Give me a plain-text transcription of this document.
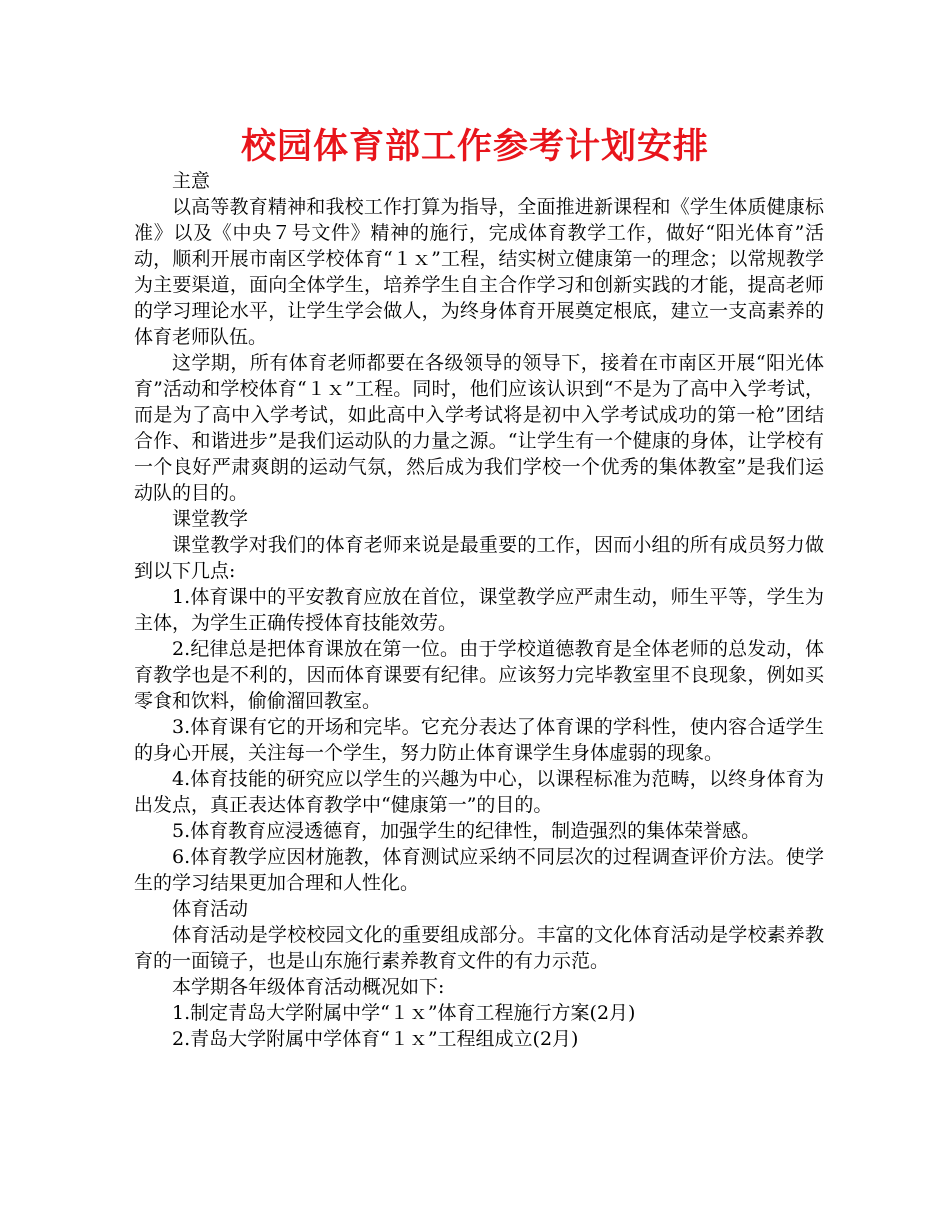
校园体育部工作参考计划安排

主意

以高等教育精神和我校工作打算为指导，全面推进新课程和《学生体质健康标准》以及《中央７号文件》精神的施行，完成体育教学工作，做好“阳光体育”活动，顺利开展市南区学校体育“１ｘ”工程，结实树立健康第一的理念；以常规教学为主要渠道，面向全体学生，培养学生自主合作学习和创新实践的才能，提高老师的学习理论水平，让学生学会做人，为终身体育开展奠定根底，建立一支高素养的体育老师队伍。

这学期，所有体育老师都要在各级领导的领导下，接着在市南区开展“阳光体育”活动和学校体育“１ｘ”工程。同时，他们应该认识到“不是为了高中入学考试，而是为了高中入学考试，如此高中入学考试将是初中入学考试成功的第一枪”团结合作、和谐进步”是我们运动队的力量之源。“让学生有一个健康的身体，让学校有一个良好严肃爽朗的运动气氛，然后成为我们学校一个优秀的集体教室”是我们运动队的目的。

课堂教学

课堂教学对我们的体育老师来说是最重要的工作，因而小组的所有成员努力做到以下几点:

1.体育课中的平安教育应放在首位，课堂教学应严肃生动，师生平等，学生为主体，为学生正确传授体育技能效劳。

2.纪律总是把体育课放在第一位。由于学校道德教育是全体老师的总发动，体育教学也是不利的，因而体育课要有纪律。应该努力完毕教室里不良现象，例如买零食和饮料，偷偷溜回教室。

3.体育课有它的开场和完毕。它充分表达了体育课的学科性，使内容合适学生的身心开展，关注每一个学生，努力防止体育课学生身体虚弱的现象。

4.体育技能的研究应以学生的兴趣为中心，以课程标准为范畴，以终身体育为出发点，真正表达体育教学中“健康第一”的目的。

5.体育教育应浸透德育，加强学生的纪律性，制造强烈的集体荣誉感。

6.体育教学应因材施教，体育测试应采纳不同层次的过程调查评价方法。使学生的学习结果更加合理和人性化。

体育活动

体育活动是学校校园文化的重要组成部分。丰富的文化体育活动是学校素养教育的一面镜子，也是山东施行素养教育文件的有力示范。

本学期各年级体育活动概况如下:

1.制定青岛大学附属中学“１ｘ”体育工程施行方案(2月)

2.青岛大学附属中学体育“１ｘ”工程组成立(2月)
